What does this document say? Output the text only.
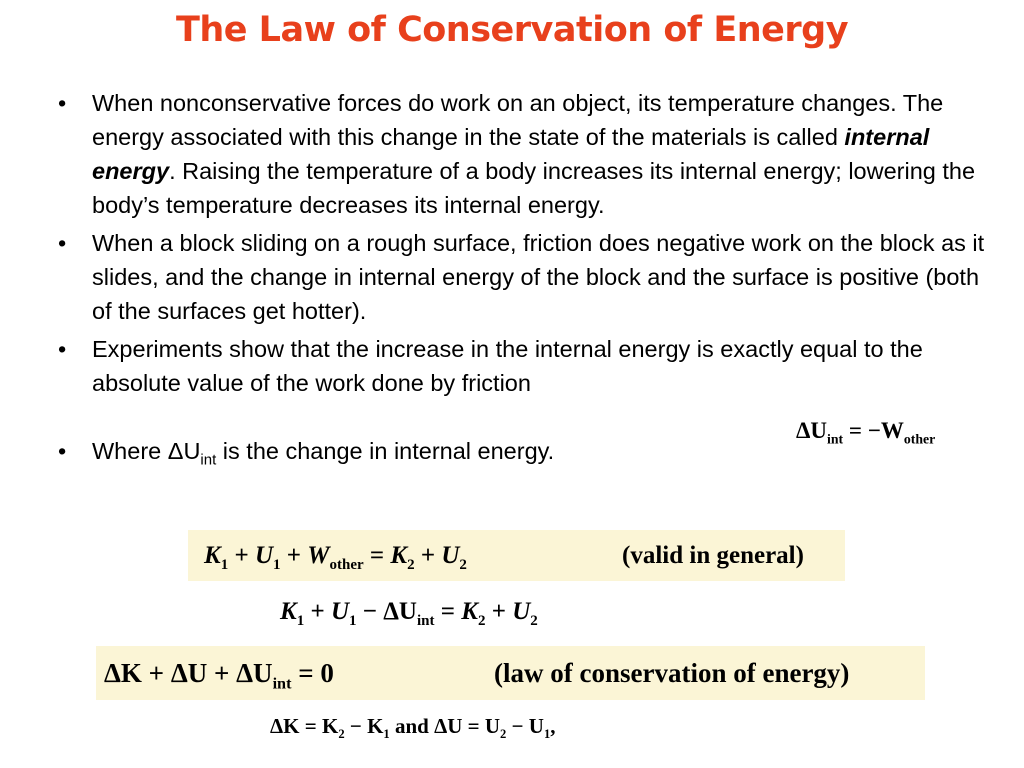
The Law of Conservation of Energy
• When nonconservative forces do work on an object, its temperature changes. The energy associated with this change in the state of the materials is called internal energy. Raising the temperature of a body increases its internal energy; lowering the body’s temperature decreases its internal energy.
• When a block sliding on a rough surface, friction does negative work on the block as it slides, and the change in internal energy of the block and the surface is positive (both of the surfaces get hotter).
• Experiments show that the increase in the internal energy is exactly equal to the absolute value of the work done by friction
• Where $\Delta U_{int}$ is the change in internal energy.
$\Delta U_{int} = -W_{other}$
$K_1 + U_1 + W_{other} = K_2 + U_2$	(valid in general)
$K_1 + U_1 - \Delta U_{int} = K_2 + U_2$
$\Delta K + \Delta U + \Delta U_{int} = 0$	(law of conservation of energy)
$\Delta K = K_2 - K_1$ and $\Delta U = U_2 - U_1$,
